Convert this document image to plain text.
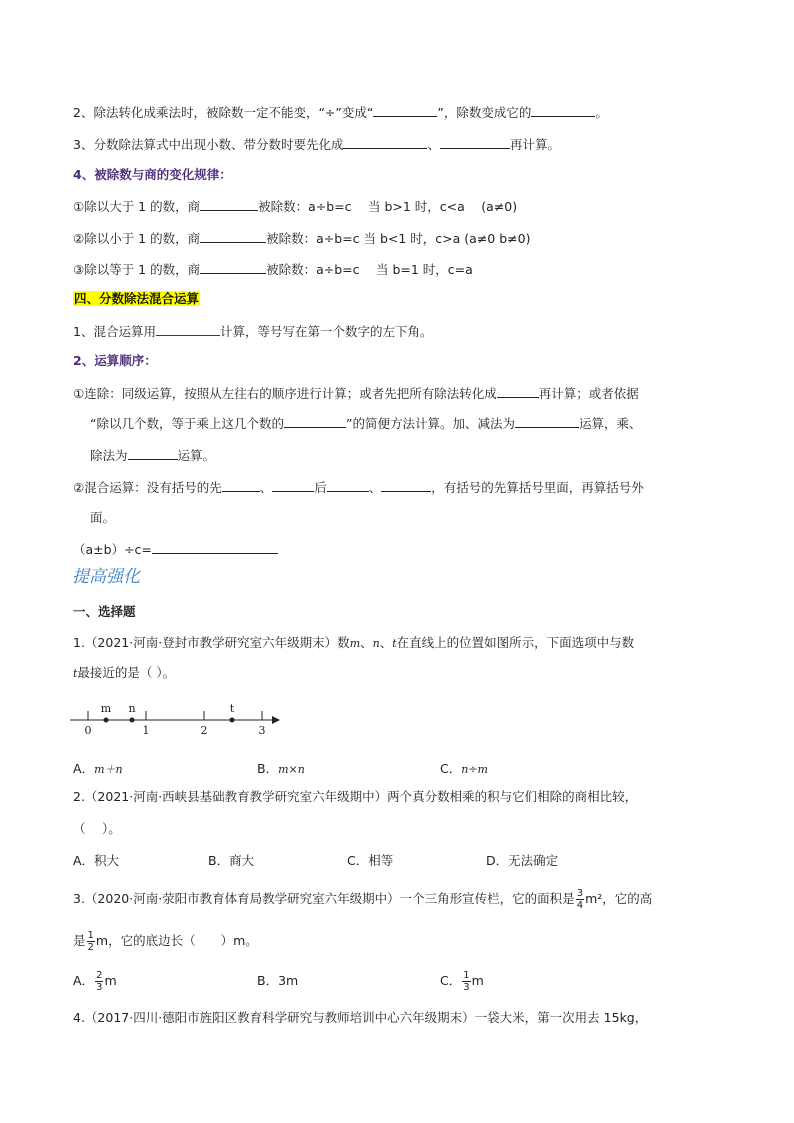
2、除法转化成乘法时，被除数一定不能变，“÷”变成“	”，除数变成它的	。
3、分数除法算式中出现小数、带分数时要先化成	、	再计算。
4、被除数与商的变化规律：
①除以大于 1 的数，商	被除数：a÷b=c　 当 b>1 时，c<a　 (a≠0)
②除以小于 1 的数，商	被除数：a÷b=c 当 b<1 时，c>a (a≠0 b≠0)
③除以等于 1 的数，商	被除数：a÷b=c　 当 b=1 时，c=a
四、分数除法混合运算
1、混合运算用	计算，等号写在第一个数字的左下角。
2、运算顺序：
①连除：同级运算，按照从左往右的顺序进行计算；或者先把所有除法转化成	再计算；或者依据
“除以几个数，等于乘上这几个数的	”的简便方法计算。加、减法为	运算，乘、
除法为	运算。
②混合运算：没有括号的先	、	后	、	，有括号的先算括号里面，再算括号外
面。
（a±b）÷c=
提高强化
一、选择题
1.（2021·河南·登封市教学研究室六年级期末）数m、n、t在直线上的位置如图所示，下面选项中与数
t最接近的是（ ）。
m n	t
0	1	2	3
A．m＋n	B．m×n	C．n÷m
2.（2021·河南·西峡县基础教育教学研究室六年级期中）两个真分数相乘的积与它们相除的商相比较，
（　 ）。
A．积大	B．商大	C．相等	D．无法确定
3.（2020·河南·荥阳市教育体育局教学研究室六年级期中）一个三角形宣传栏，它的面积是 $\frac{3}{4} m^2$，它的高
是 $\frac{1}{2}$ m，它的底边长（　　）m。
A． $\frac{2}{3}$ m	B．3m	C． $\frac{1}{3}$ m
4.（2017·四川·德阳市旌阳区教育科学研究与教师培训中心六年级期末）一袋大米，第一次用去 15kg，
